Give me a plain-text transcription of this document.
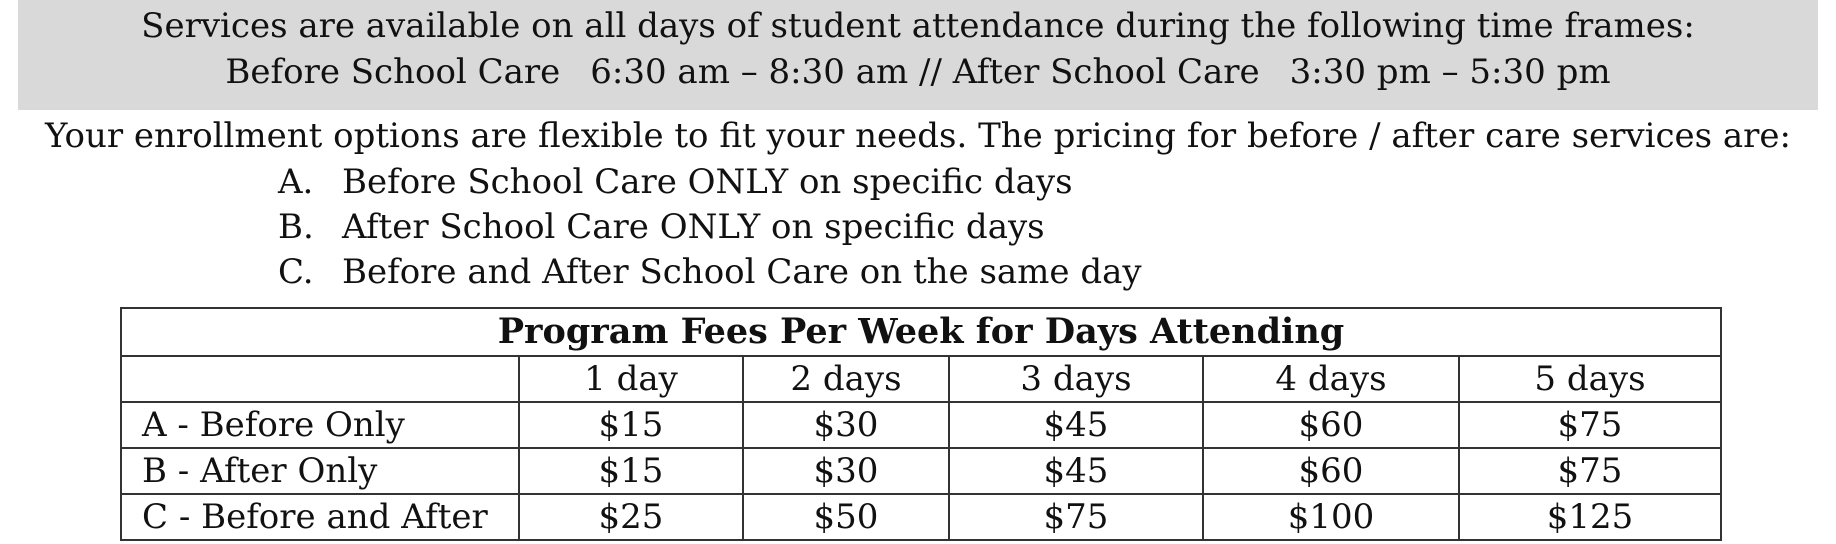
Services are available on all days of student attendance during the following time frames:
Before School Care 6:30 am – 8:30 am // After School Care 3:30 pm – 5:30 pm
Your enrollment options are flexible to fit your needs. The pricing for before / after care services are:
A. Before School Care ONLY on specific days
B. After School Care ONLY on specific days
C. Before and After School Care on the same day
Program Fees Per Week for Days Attending					
	1 day	2 days	3 days	4 days	5 days
A - Before Only	$15	$30	$45	$60	$75
B - After Only	$15	$30	$45	$60	$75
C - Before and After	$25	$50	$75	$100	$125
